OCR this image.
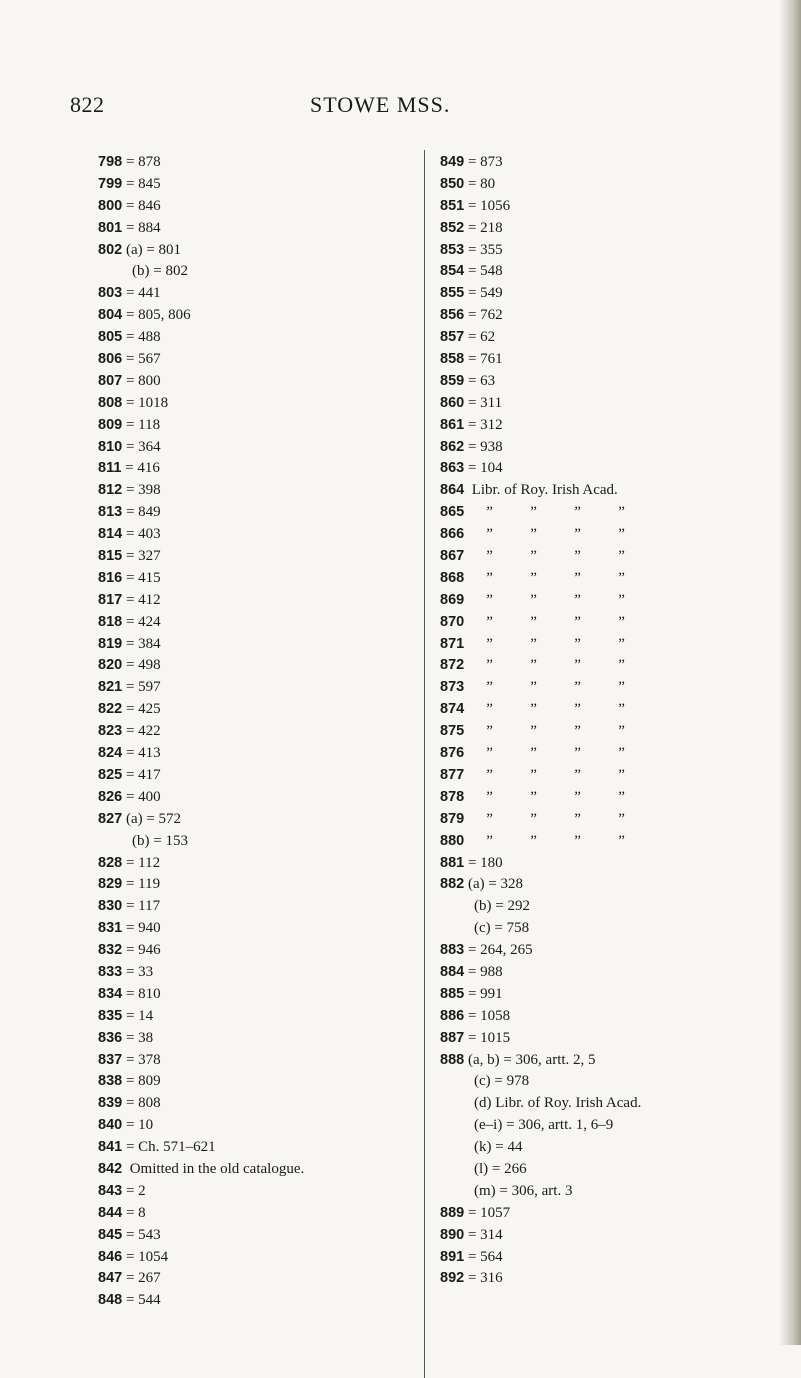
822	STOWE MSS.
798 = 878
799 = 845
800 = 846
801 = 884
802 (a) = 801
(b) = 802
803 = 441
804 = 805, 806
805 = 488
806 = 567
807 = 800
808 = 1018
809 = 118
810 = 364
811 = 416
812 = 398
813 = 849
814 = 403
815 = 327
816 = 415
817 = 412
818 = 424
819 = 384
820 = 498
821 = 597
822 = 425
823 = 422
824 = 413
825 = 417
826 = 400
827 (a) = 572
(b) = 153
828 = 112
829 = 119
830 = 117
831 = 940
832 = 946
833 = 33
834 = 810
835 = 14
836 = 38
837 = 378
838 = 809
839 = 808
840 = 10
841 = Ch. 571–621
842  Omitted in the old catalogue.
843 = 2
844 = 8
845 = 543
846 = 1054
847 = 267
848 = 544
849 = 873
850 = 80
851 = 1056
852 = 218
853 = 355
854 = 548
855 = 549
856 = 762
857 = 62
858 = 761
859 = 63
860 = 311
861 = 312
862 = 938
863 = 104
864  Libr. of Roy. Irish Acad.
865 ” ” ” ”
866 ” ” ” ”
867 ” ” ” ”
868 ” ” ” ”
869 ” ” ” ”
870 ” ” ” ”
871 ” ” ” ”
872 ” ” ” ”
873 ” ” ” ”
874 ” ” ” ”
875 ” ” ” ”
876 ” ” ” ”
877 ” ” ” ”
878 ” ” ” ”
879 ” ” ” ”
880 ” ” ” ”
881 = 180
882 (a) = 328
(b) = 292
(c) = 758
883 = 264, 265
884 = 988
885 = 991
886 = 1058
887 = 1015
888 (a, b) = 306, artt. 2, 5
(c) = 978
(d) Libr. of Roy. Irish Acad.
(e–i) = 306, artt. 1, 6–9
(k) = 44
(l) = 266
(m) = 306, art. 3
889 = 1057
890 = 314
891 = 564
892 = 316
